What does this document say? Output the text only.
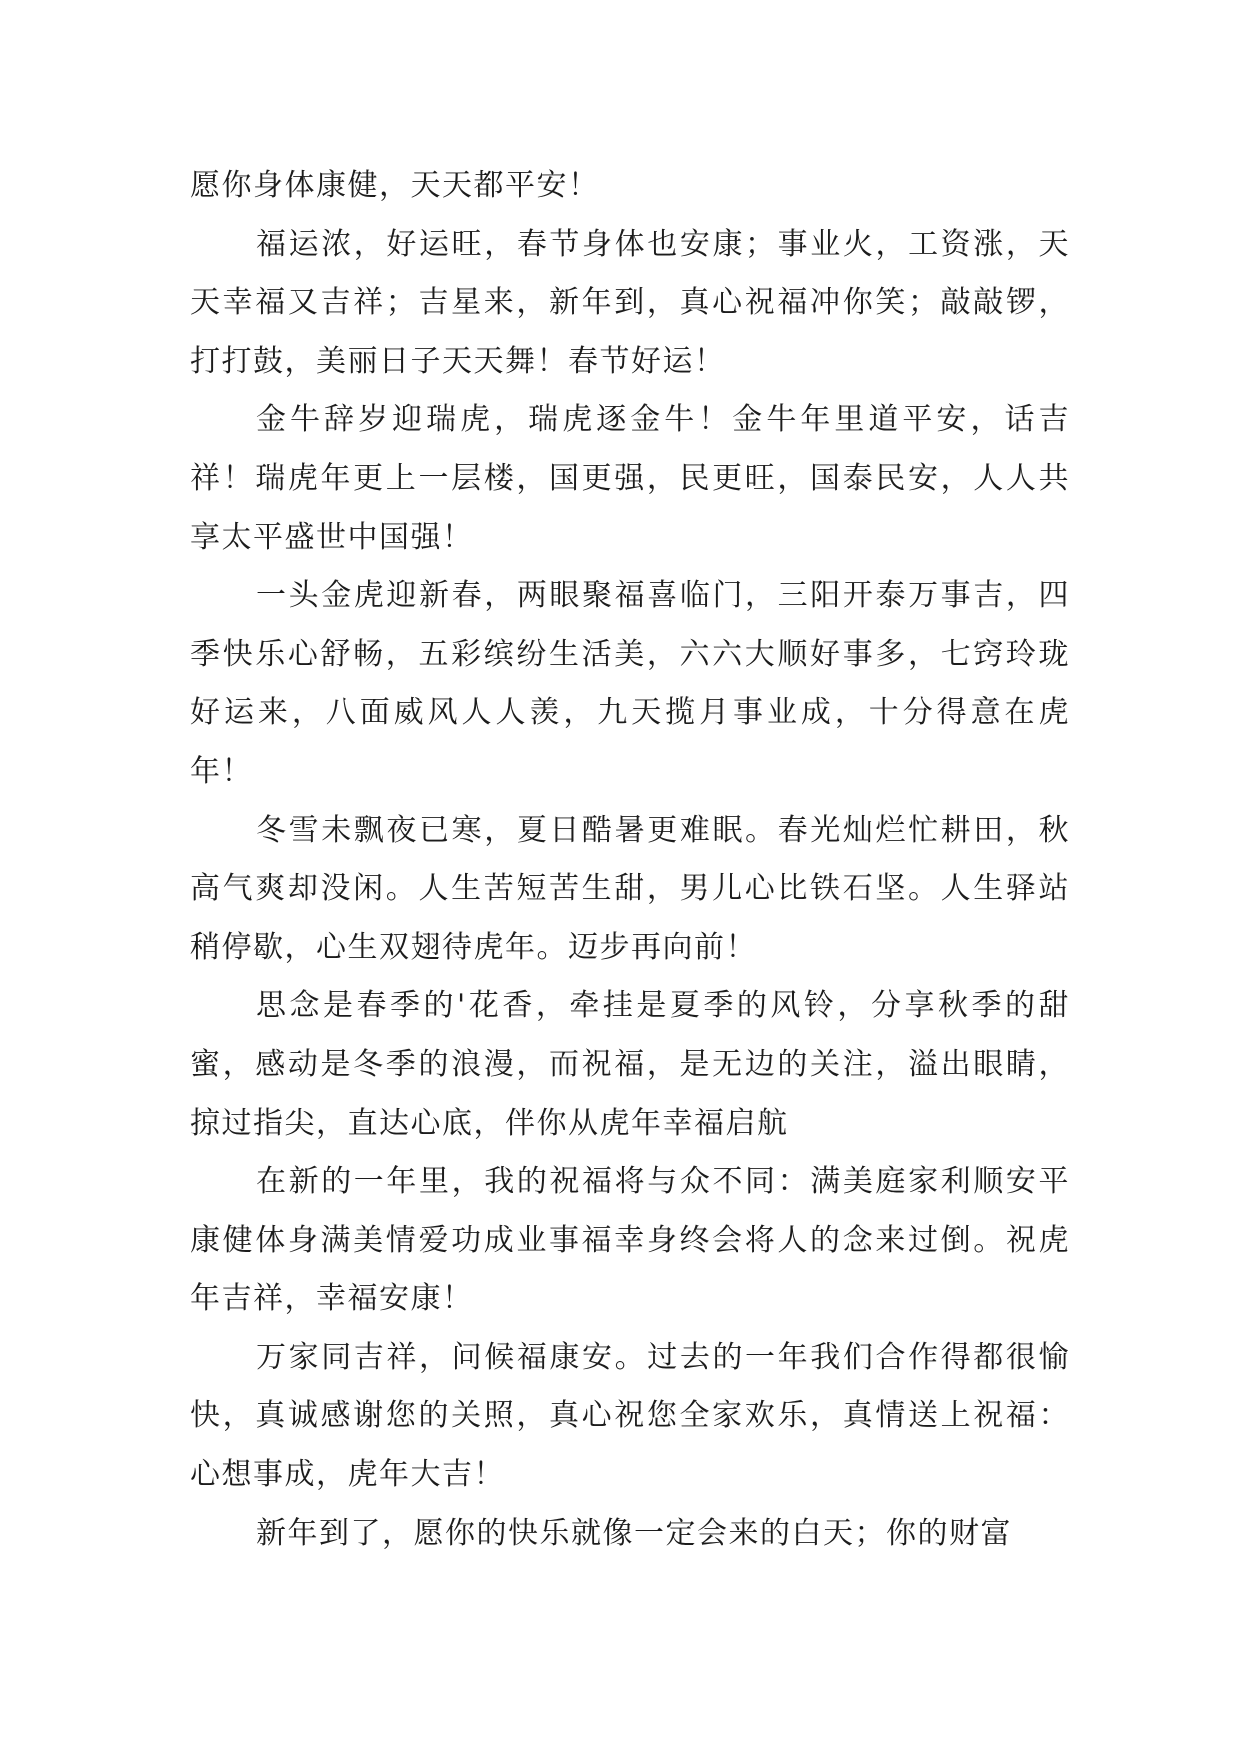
愿你身体康健，天天都平安！

福运浓，好运旺，春节身体也安康；事业火，工资涨，天天幸福又吉祥；吉星来，新年到，真心祝福冲你笑；敲敲锣，打打鼓，美丽日子天天舞！春节好运！

金牛辞岁迎瑞虎，瑞虎逐金牛！金牛年里道平安，话吉祥！瑞虎年更上一层楼，国更强，民更旺，国泰民安，人人共享太平盛世中国强！

一头金虎迎新春，两眼聚福喜临门，三阳开泰万事吉，四季快乐心舒畅，五彩缤纷生活美，六六大顺好事多，七窍玲珑好运来，八面威风人人羡，九天揽月事业成，十分得意在虎年！

冬雪未飘夜已寒，夏日酷暑更难眠。春光灿烂忙耕田，秋高气爽却没闲。人生苦短苦生甜，男儿心比铁石坚。人生驿站稍停歇，心生双翅待虎年。迈步再向前！

思念是春季的'花香，牵挂是夏季的风铃，分享秋季的甜蜜，感动是冬季的浪漫，而祝福，是无边的关注，溢出眼睛，掠过指尖，直达心底，伴你从虎年幸福启航

在新的一年里，我的祝福将与众不同：满美庭家利顺安平康健体身满美情爱功成业事福幸身终会将人的念来过倒。祝虎年吉祥，幸福安康！

万家同吉祥，问候福康安。过去的一年我们合作得都很愉快，真诚感谢您的关照，真心祝您全家欢乐，真情送上祝福：心想事成，虎年大吉！

新年到了，愿你的快乐就像一定会来的白天；你的财富
